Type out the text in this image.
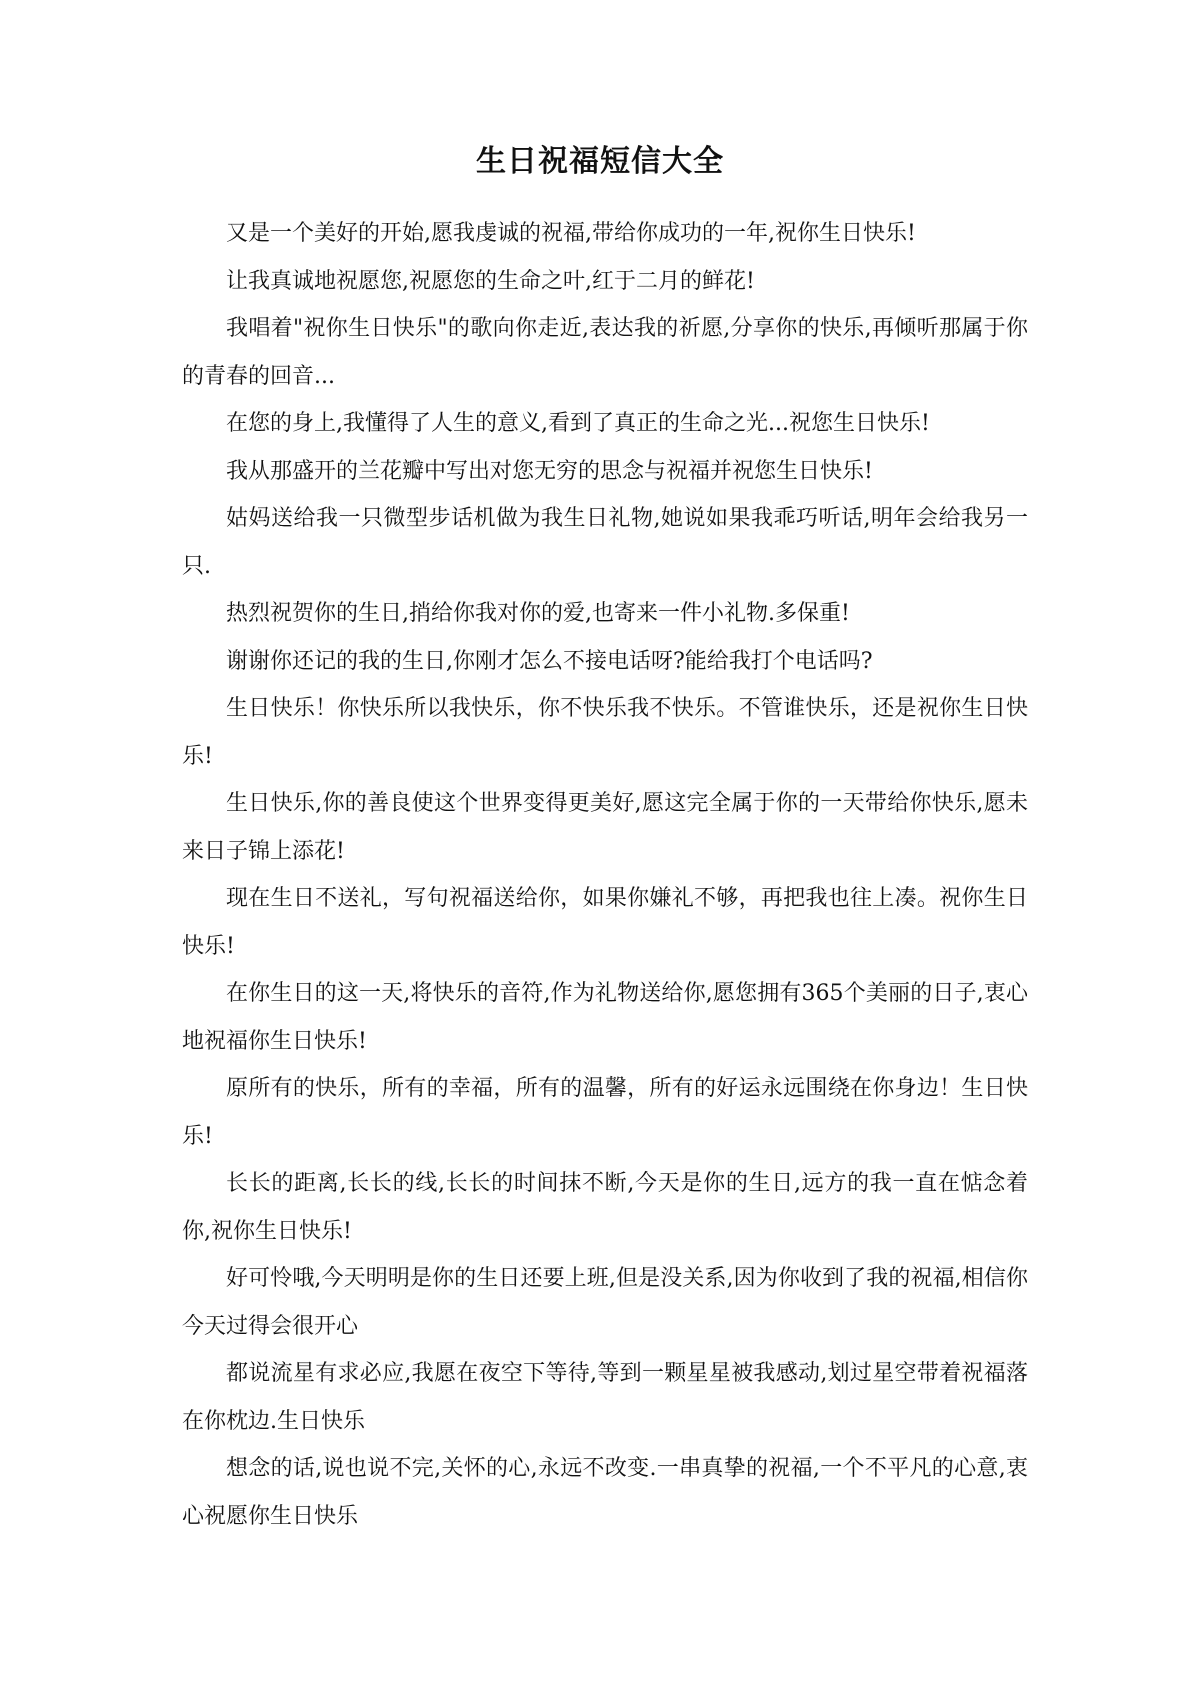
生日祝福短信大全

又是一个美好的开始,愿我虔诚的祝福,带给你成功的一年,祝你生日快乐!

让我真诚地祝愿您,祝愿您的生命之叶,红于二月的鲜花!

我唱着"祝你生日快乐"的歌向你走近,表达我的祈愿,分享你的快乐,再倾听那属于你的青春的回音...

在您的身上,我懂得了人生的意义,看到了真正的生命之光...祝您生日快乐!

我从那盛开的兰花瓣中写出对您无穷的思念与祝福并祝您生日快乐!

姑妈送给我一只微型步话机做为我生日礼物,她说如果我乖巧听话,明年会给我另一只.

热烈祝贺你的生日,捎给你我对你的爱,也寄来一件小礼物.多保重!

谢谢你还记的我的生日,你刚才怎么不接电话呀?能给我打个电话吗?

生日快乐！你快乐所以我快乐，你不快乐我不快乐。不管谁快乐，还是祝你生日快乐!

生日快乐,你的善良使这个世界变得更美好,愿这完全属于你的一天带给你快乐,愿未来日子锦上添花!

现在生日不送礼，写句祝福送给你，如果你嫌礼不够，再把我也往上凑。祝你生日快乐!

在你生日的这一天,将快乐的音符,作为礼物送给你,愿您拥有365个美丽的日子,衷心地祝福你生日快乐!

原所有的快乐，所有的幸福，所有的温馨，所有的好运永远围绕在你身边！生日快乐!

长长的距离,长长的线,长长的时间抹不断,今天是你的生日,远方的我一直在惦念着你,祝你生日快乐!

好可怜哦,今天明明是你的生日还要上班,但是没关系,因为你收到了我的祝福,相信你今天过得会很开心

都说流星有求必应,我愿在夜空下等待,等到一颗星星被我感动,划过星空带着祝福落在你枕边.生日快乐

想念的话,说也说不完,关怀的心,永远不改变.一串真挚的祝福,一个不平凡的心意,衷心祝愿你生日快乐
